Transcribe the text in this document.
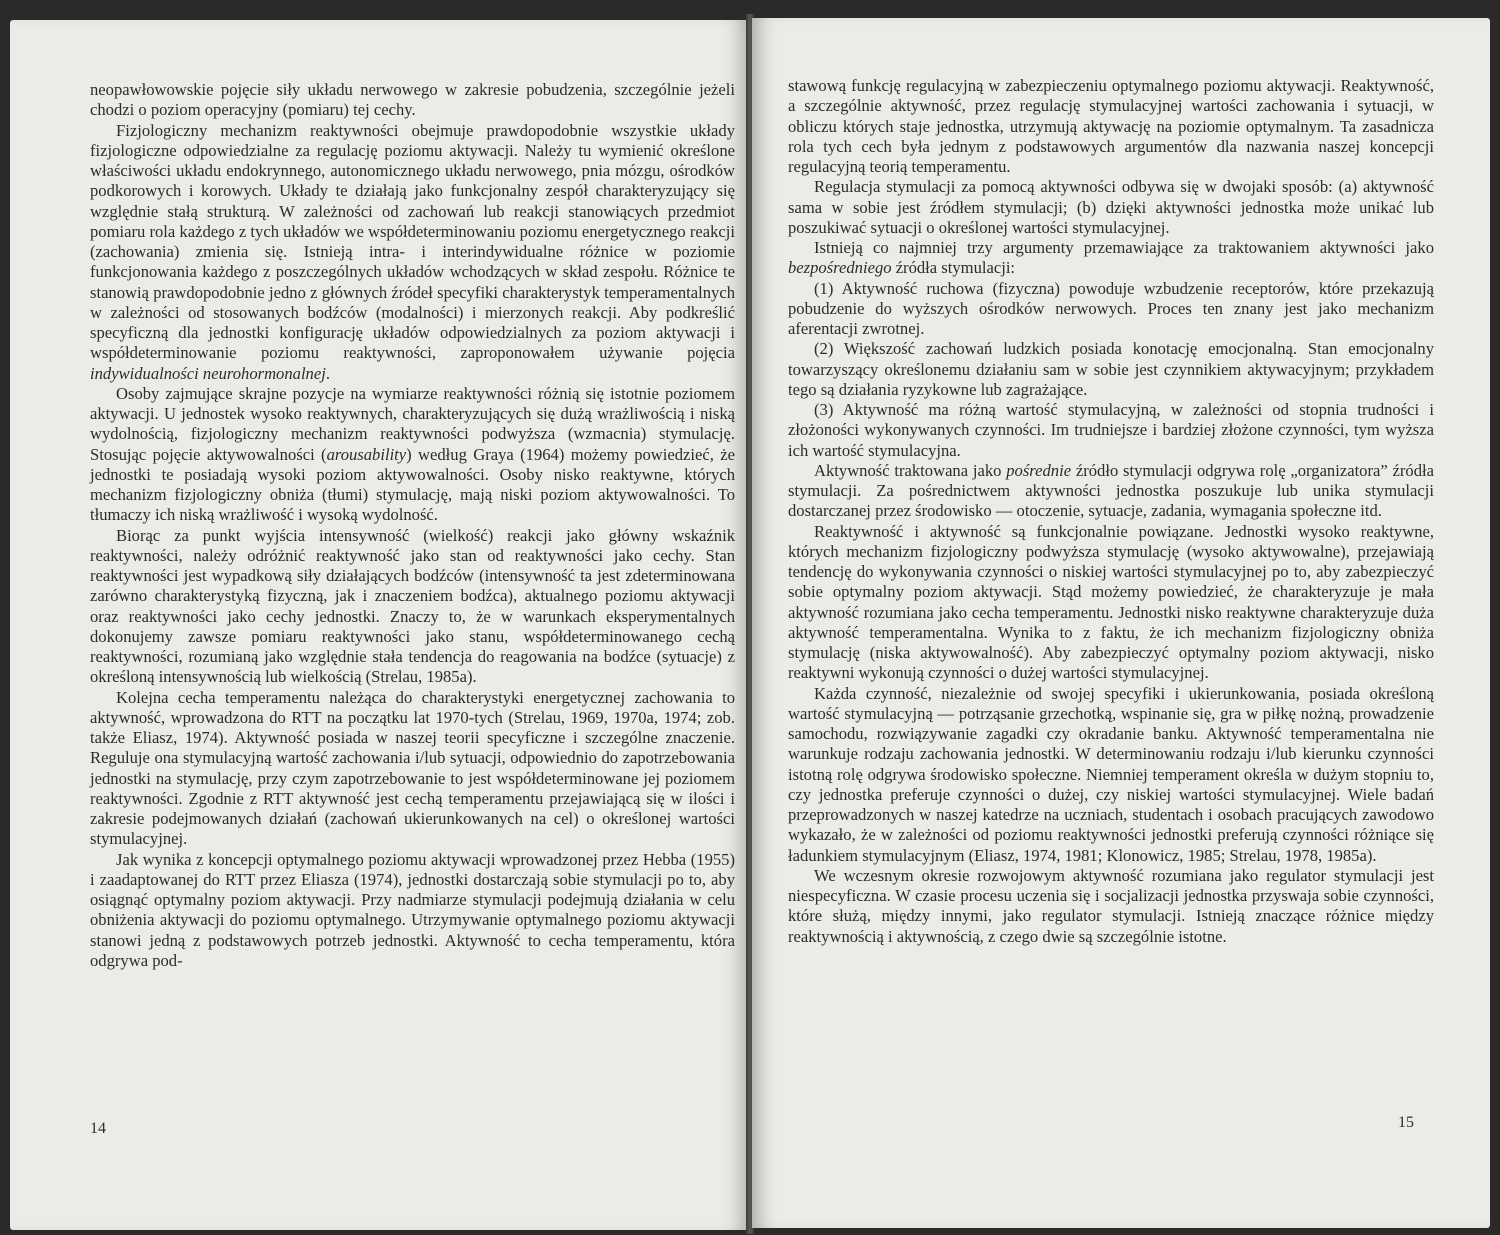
neopawłowowskie pojęcie siły układu nerwowego w zakresie pobudzenia, szczególnie jeżeli chodzi o poziom operacyjny (pomiaru) tej cechy.

Fizjologiczny mechanizm reaktywności obejmuje prawdopodobnie wszystkie układy fizjologiczne odpowiedzialne za regulację poziomu aktywacji. Należy tu wymienić określone właściwości układu endokrynnego, autonomicznego układu nerwowego, pnia mózgu, ośrodków podkorowych i korowych. Układy te działają jako funkcjonalny zespół charakteryzujący się względnie stałą strukturą. W zależności od zachowań lub reakcji stanowiących przedmiot pomiaru rola każdego z tych układów we współdeterminowaniu poziomu energetycznego reakcji (zachowania) zmienia się. Istnieją intra- i interindywidualne różnice w poziomie funkcjonowania każdego z poszczególnych układów wchodzących w skład zespołu. Różnice te stanowią prawdopodobnie jedno z głównych źródeł specyfiki charakterystyk temperamentalnych w zależności od stosowanych bodźców (modalności) i mierzonych reakcji. Aby podkreślić specyficzną dla jednostki konfigurację układów odpowiedzialnych za poziom aktywacji i współdeterminowanie poziomu reaktywności, zaproponowałem używanie pojęcia indywidualności neurohormonalnej.

Osoby zajmujące skrajne pozycje na wymiarze reaktywności różnią się istotnie poziomem aktywacji. U jednostek wysoko reaktywnych, charakteryzujących się dużą wrażliwością i niską wydolnością, fizjologiczny mechanizm reaktywności podwyższa (wzmacnia) stymulację. Stosując pojęcie aktywowalności (arousability) według Graya (1964) możemy powiedzieć, że jednostki te posiadają wysoki poziom aktywowalności. Osoby nisko reaktywne, których mechanizm fizjologiczny obniża (tłumi) stymulację, mają niski poziom aktywowalności. To tłumaczy ich niską wrażliwość i wysoką wydolność.

Biorąc za punkt wyjścia intensywność (wielkość) reakcji jako główny wskaźnik reaktywności, należy odróżnić reaktywność jako stan od reaktywności jako cechy. Stan reaktywności jest wypadkową siły działających bodźców (intensywność ta jest zdeterminowana zarówno charakterystyką fizyczną, jak i znaczeniem bodźca), aktualnego poziomu aktywacji oraz reaktywności jako cechy jednostki. Znaczy to, że w warunkach eksperymentalnych dokonujemy zawsze pomiaru reaktywności jako stanu, współdeterminowanego cechą reaktywności, rozumianą jako względnie stała tendencja do reagowania na bodźce (sytuacje) z określoną intensywnością lub wielkością (Strelau, 1985a).

Kolejna cecha temperamentu należąca do charakterystyki energetycznej zachowania to aktywność, wprowadzona do RTT na początku lat 1970-tych (Strelau, 1969, 1970a, 1974; zob. także Eliasz, 1974). Aktywność posiada w naszej teorii specyficzne i szczególne znaczenie. Reguluje ona stymulacyjną wartość zachowania i/lub sytuacji, odpowiednio do zapotrzebowania jednostki na stymulację, przy czym zapotrzebowanie to jest współdeterminowane jej poziomem reaktywności. Zgodnie z RTT aktywność jest cechą temperamentu przejawiającą się w ilości i zakresie podejmowanych działań (zachowań ukierunkowanych na cel) o określonej wartości stymulacyjnej.

Jak wynika z koncepcji optymalnego poziomu aktywacji wprowadzonej przez Hebba (1955) i zaadaptowanej do RTT przez Eliasza (1974), jednostki dostarczają sobie stymulacji po to, aby osiągnąć optymalny poziom aktywacji. Przy nadmiarze stymulacji podejmują działania w celu obniżenia aktywacji do poziomu optymalnego. Utrzymywanie optymalnego poziomu aktywacji stanowi jedną z podstawowych potrzeb jednostki. Aktywność to cecha temperamentu, która odgrywa pod-

14

stawową funkcję regulacyjną w zabezpieczeniu optymalnego poziomu aktywacji. Reaktywność, a szczególnie aktywność, przez regulację stymulacyjnej wartości zachowania i sytuacji, w obliczu których staje jednostka, utrzymują aktywację na poziomie optymalnym. Ta zasadnicza rola tych cech była jednym z podstawowych argumentów dla nazwania naszej koncepcji regulacyjną teorią temperamentu.

Regulacja stymulacji za pomocą aktywności odbywa się w dwojaki sposób: (a) aktywność sama w sobie jest źródłem stymulacji; (b) dzięki aktywności jednostka może unikać lub poszukiwać sytuacji o określonej wartości stymulacyjnej.

Istnieją co najmniej trzy argumenty przemawiające za traktowaniem aktywności jako bezpośredniego źródła stymulacji:

(1) Aktywność ruchowa (fizyczna) powoduje wzbudzenie receptorów, które przekazują pobudzenie do wyższych ośrodków nerwowych. Proces ten znany jest jako mechanizm aferentacji zwrotnej.

(2) Większość zachowań ludzkich posiada konotację emocjonalną. Stan emocjonalny towarzyszący określonemu działaniu sam w sobie jest czynnikiem aktywacyjnym; przykładem tego są działania ryzykowne lub zagrażające.

(3) Aktywność ma różną wartość stymulacyjną, w zależności od stopnia trudności i złożoności wykonywanych czynności. Im trudniejsze i bardziej złożone czynności, tym wyższa ich wartość stymulacyjna.

Aktywność traktowana jako pośrednie źródło stymulacji odgrywa rolę „organizatora” źródła stymulacji. Za pośrednictwem aktywności jednostka poszukuje lub unika stymulacji dostarczanej przez środowisko — otoczenie, sytuacje, zadania, wymagania społeczne itd.

Reaktywność i aktywność są funkcjonalnie powiązane. Jednostki wysoko reaktywne, których mechanizm fizjologiczny podwyższa stymulację (wysoko aktywowalne), przejawiają tendencję do wykonywania czynności o niskiej wartości stymulacyjnej po to, aby zabezpieczyć sobie optymalny poziom aktywacji. Stąd możemy powiedzieć, że charakteryzuje je mała aktywność rozumiana jako cecha temperamentu. Jednostki nisko reaktywne charakteryzuje duża aktywność temperamentalna. Wynika to z faktu, że ich mechanizm fizjologiczny obniża stymulację (niska aktywowalność). Aby zabezpieczyć optymalny poziom aktywacji, nisko reaktywni wykonują czynności o dużej wartości stymulacyjnej.

Każda czynność, niezależnie od swojej specyfiki i ukierunkowania, posiada określoną wartość stymulacyjną — potrząsanie grzechotką, wspinanie się, gra w piłkę nożną, prowadzenie samochodu, rozwiązywanie zagadki czy okradanie banku. Aktywność temperamentalna nie warunkuje rodzaju zachowania jednostki. W determinowaniu rodzaju i/lub kierunku czynności istotną rolę odgrywa środowisko społeczne. Niemniej temperament określa w dużym stopniu to, czy jednostka preferuje czynności o dużej, czy niskiej wartości stymulacyjnej. Wiele badań przeprowadzonych w naszej katedrze na uczniach, studentach i osobach pracujących zawodowo wykazało, że w zależności od poziomu reaktywności jednostki preferują czynności różniące się ładunkiem stymulacyjnym (Eliasz, 1974, 1981; Klonowicz, 1985; Strelau, 1978, 1985a).

We wczesnym okresie rozwojowym aktywność rozumiana jako regulator stymulacji jest niespecyficzna. W czasie procesu uczenia się i socjalizacji jednostka przyswaja sobie czynności, które służą, między innymi, jako regulator stymulacji. Istnieją znaczące różnice między reaktywnością i aktywnością, z czego dwie są szczególnie istotne.

15
